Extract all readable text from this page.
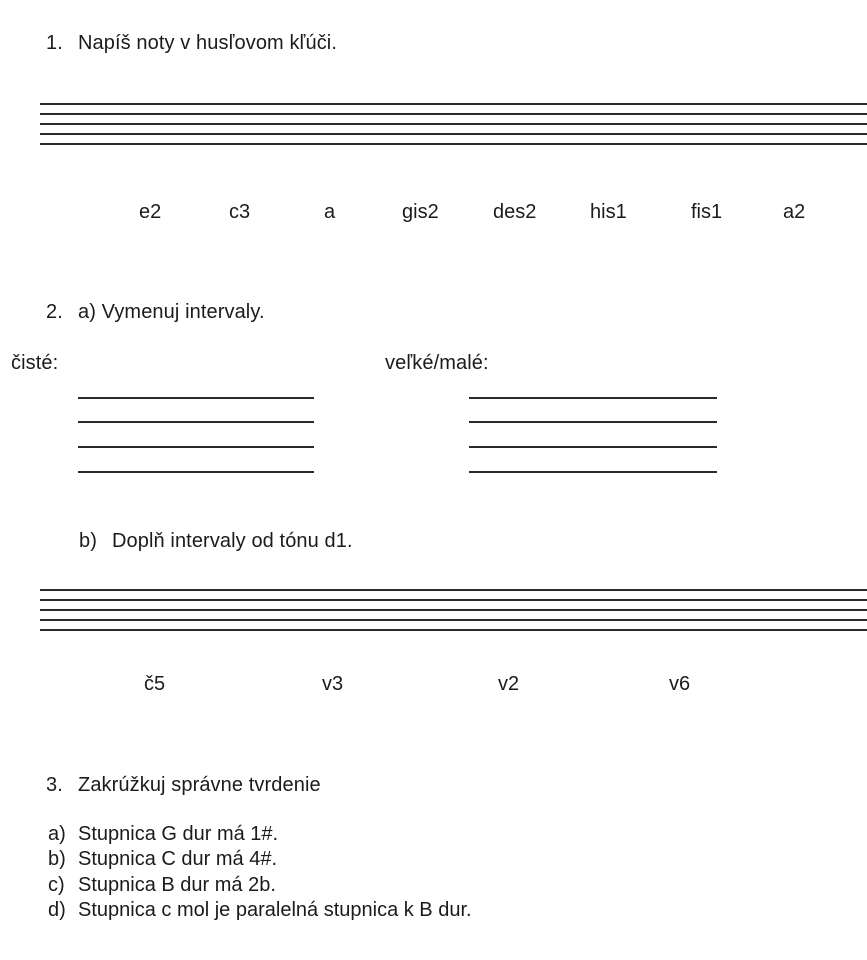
1. Napíš noty v husľovom kľúči.
e2	c3	a	gis2	des2	his1	fis1	a2
2. a) Vymenuj intervaly.
čisté:	veľké/malé:
b) Doplň intervaly od tónu d1.
č5	v3	v2	v6
3. Zakrúžkuj správne tvrdenie
a) Stupnica G dur má 1#.
b) Stupnica C dur má 4#.
c) Stupnica B dur má 2b.
d) Stupnica c mol je paralelná stupnica k B dur.
